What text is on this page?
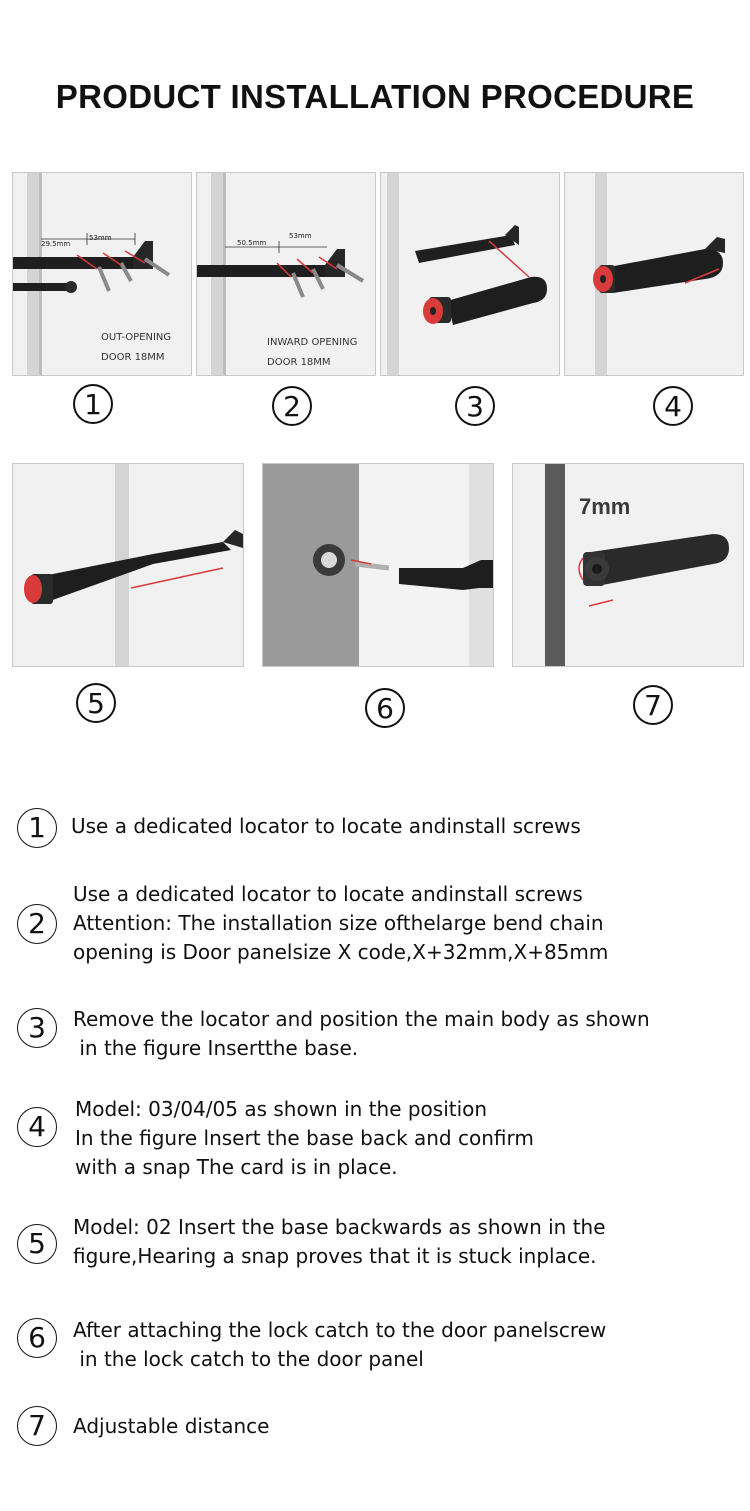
PRODUCT INSTALLATION PROCEDURE
29.5mm
53mm
OUT-OPENING
DOOR 18MM
1
50.5mm
53mm
INWARD OPENING
DOOR 18MM
2	3	4
5	6
7mm
7
1	Use a dedicated locator to locate andinstall screws
2
Use a dedicated locator to locate andinstall screws
Attention: The installation size ofthelarge bend chain
opening is Door panelsize X code,X+32mm,X+85mm
3	Remove the locator and position the main body as shown
in the figure Insertthe base.
4
Model: 03/04/05 as shown in the position
In the figure lnsert the base back and confirm
with a snap The card is in place.
5	Model: 02 Insert the base backwards as shown in the
figure,Hearing a snap proves that it is stuck inplace.
6	After attaching the lock catch to the door panelscrew
in the lock catch to the door panel
7	Adjustable distance
